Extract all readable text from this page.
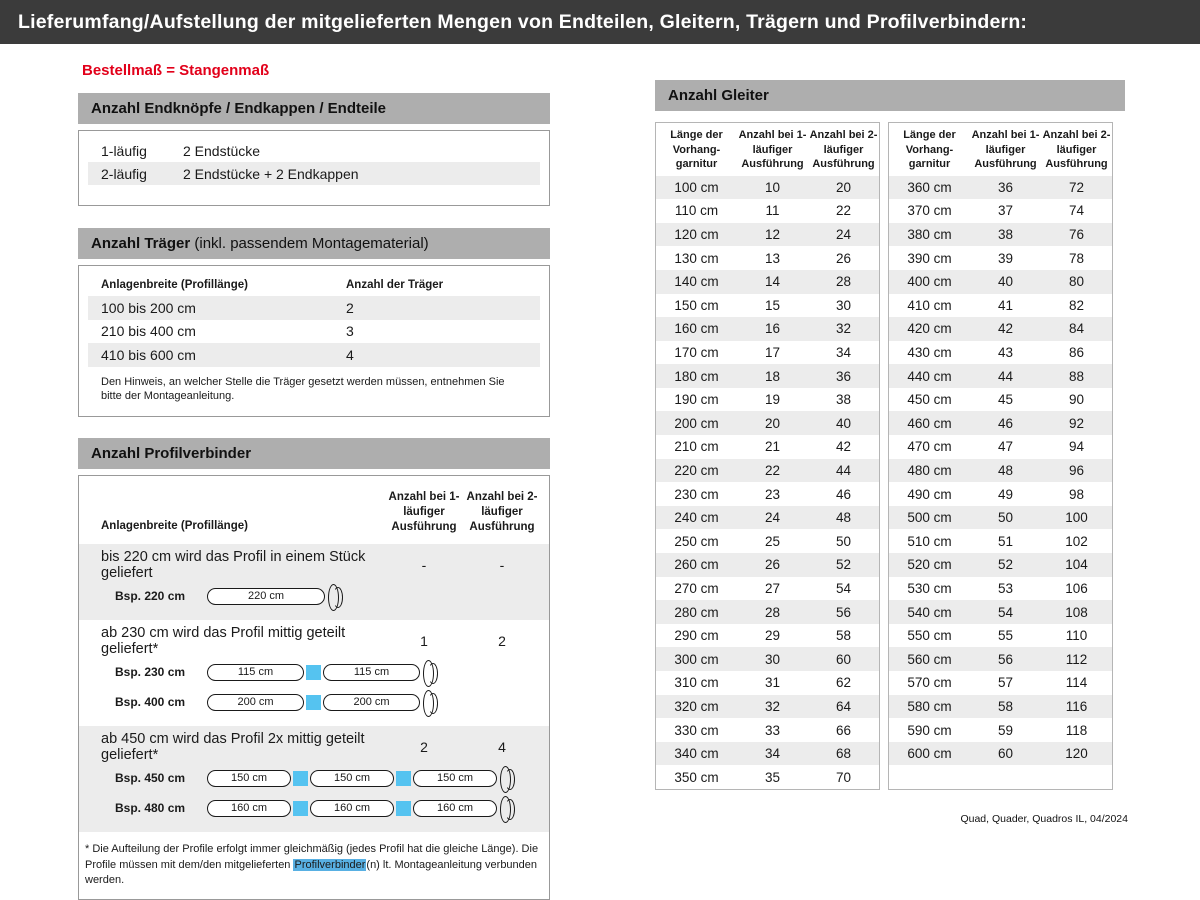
Lieferumfang/Aufstellung der mitgelieferten Mengen von Endteilen, Gleitern, Trägern und Profilverbindern:
Bestellmaß = Stangenmaß
Anzahl Endknöpfe / Endkappen / Endteile
1-läufig	2 Endstücke
2-läufig	2 Endstücke + 2 Endkappen
Anzahl Träger (inkl. passendem Montagematerial)
Anlagenbreite (Profillänge)	Anzahl der Träger
100 bis 200 cm	2
210 bis 400 cm	3
410 bis 600 cm	4
Den Hinweis, an welcher Stelle die Träger gesetzt werden müssen, entnehmen Sie bitte der Montageanleitung.
Anzahl Profilverbinder
Anlagenbreite (Profillänge)
Anzahl bei 1-läufiger Ausführung
Anzahl bei 2-läufiger Ausführung
bis 220 cm wird das Profil in einem Stück geliefert	-	-
Bsp. 220 cm	220 cm
ab 230 cm wird das Profil mittig geteilt geliefert*	1	2
Bsp. 230 cm	115 cm	115 cm
Bsp. 400 cm	200 cm	200 cm
ab 450 cm wird das Profil 2x mittig geteilt geliefert*	2	4
Bsp. 450 cm	150 cm	150 cm	150 cm
Bsp. 480 cm	160 cm	160 cm	160 cm
* Die Aufteilung der Profile erfolgt immer gleichmäßig (jedes Profil hat die gleiche Länge). Die Profile müssen mit dem/den mitgelieferten Profilverbinder(n) lt. Montageanleitung verbunden werden.
Anzahl Gleiter
Länge der Vorhang-garnitur
Anzahl bei 1-läufiger Ausführung
Anzahl bei 2-läufiger Ausführung
100 cm	10	20
110 cm	11	22
120 cm	12	24
130 cm	13	26
140 cm	14	28
150 cm	15	30
160 cm	16	32
170 cm	17	34
180 cm	18	36
190 cm	19	38
200 cm	20	40
210 cm	21	42
220 cm	22	44
230 cm	23	46
240 cm	24	48
250 cm	25	50
260 cm	26	52
270 cm	27	54
280 cm	28	56
290 cm	29	58
300 cm	30	60
310 cm	31	62
320 cm	32	64
330 cm	33	66
340 cm	34	68
350 cm	35	70
Länge der Vorhang-garnitur
Anzahl bei 1-läufiger Ausführung
Anzahl bei 2-läufiger Ausführung
360 cm	36	72
370 cm	37	74
380 cm	38	76
390 cm	39	78
400 cm	40	80
410 cm	41	82
420 cm	42	84
430 cm	43	86
440 cm	44	88
450 cm	45	90
460 cm	46	92
470 cm	47	94
480 cm	48	96
490 cm	49	98
500 cm	50	100
510 cm	51	102
520 cm	52	104
530 cm	53	106
540 cm	54	108
550 cm	55	110
560 cm	56	112
570 cm	57	114
580 cm	58	116
590 cm	59	118
600 cm	60	120
Quad, Quader, Quadros IL, 04/2024
